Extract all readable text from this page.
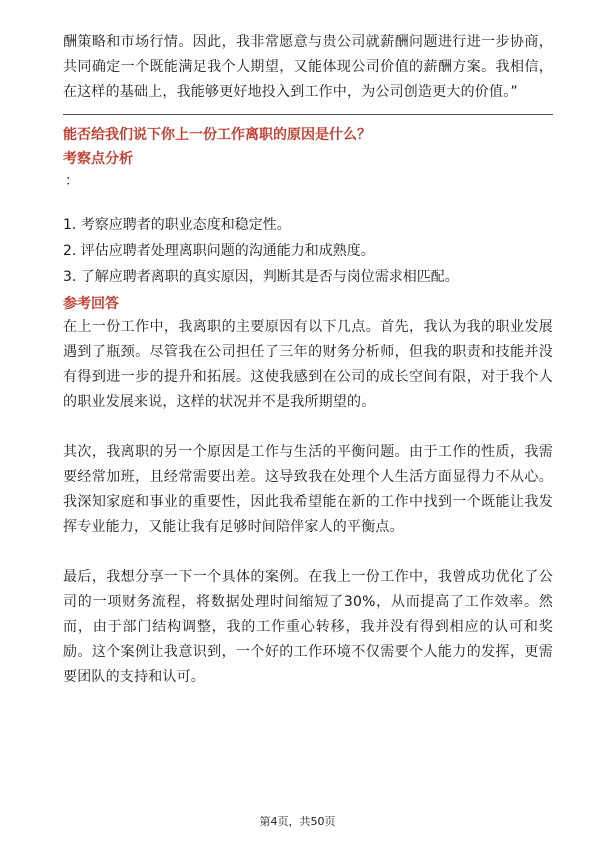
酬策略和市场行情。因此，我非常愿意与贵公司就薪酬问题进行进一步协商，共同确定一个既能满足我个人期望，又能体现公司价值的薪酬方案。我相信，在这样的基础上，我能够更好地投入到工作中，为公司创造更大的价值。”

能否给我们说下你上一份工作离职的原因是什么？
考察点分析
：
1. 考察应聘者的职业态度和稳定性。
2. 评估应聘者处理离职问题的沟通能力和成熟度。
3. 了解应聘者离职的真实原因，判断其是否与岗位需求相匹配。
参考回答

在上一份工作中，我离职的主要原因有以下几点。首先，我认为我的职业发展遇到了瓶颈。尽管我在公司担任了三年的财务分析师，但我的职责和技能并没有得到进一步的提升和拓展。这使我感到在公司的成长空间有限，对于我个人的职业发展来说，这样的状况并不是我所期望的。

其次，我离职的另一个原因是工作与生活的平衡问题。由于工作的性质，我需要经常加班，且经常需要出差。这导致我在处理个人生活方面显得力不从心。我深知家庭和事业的重要性，因此我希望能在新的工作中找到一个既能让我发挥专业能力，又能让我有足够时间陪伴家人的平衡点。

最后，我想分享一下一个具体的案例。在我上一份工作中，我曾成功优化了公司的一项财务流程，将数据处理时间缩短了30%，从而提高了工作效率。然而，由于部门结构调整，我的工作重心转移，我并没有得到相应的认可和奖励。这个案例让我意识到，一个好的工作环境不仅需要个人能力的发挥，更需要团队的支持和认可。

第4页，共50页
